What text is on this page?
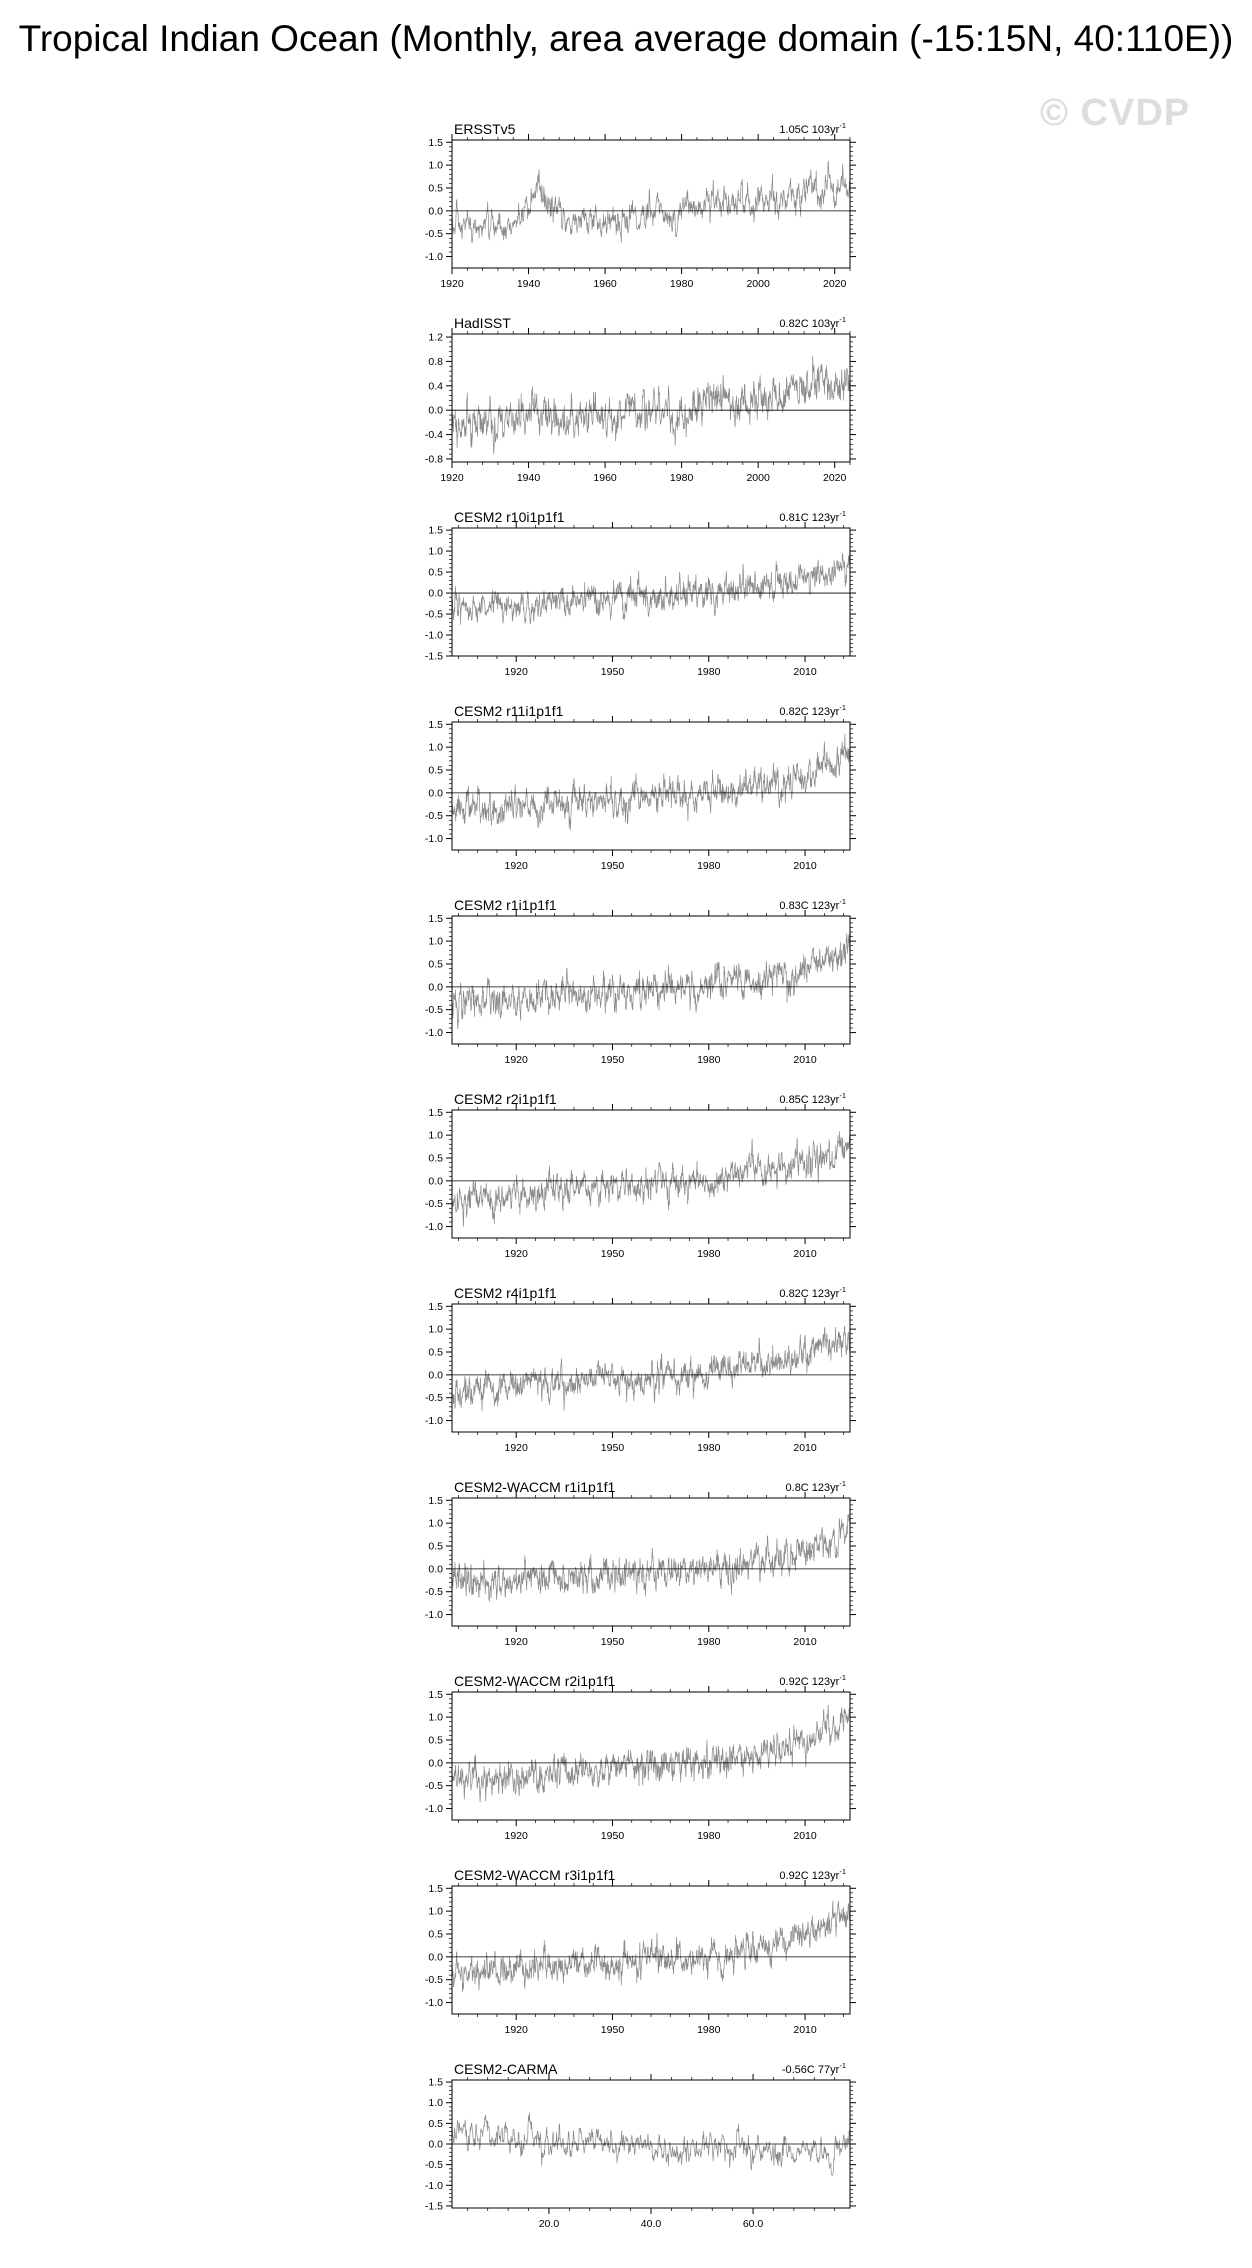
Tropical Indian Ocean (Monthly, area average domain (-15:15N, 40:110E))
© CVDP
ERSSTv5	1.05C $103yr^{-1}$
-1.0
-0.5
0.0
0.5
1.0
1.5
1920	1940	1960	1980	2000	2020
HadISST	0.82C $103yr^{-1}$
-0.8
-0.4
0.0
0.4
0.8
1.2
1920	1940	1960	1980	2000	2020
CESM2 r10i1p1f1	0.81C $123yr^{-1}$
-1.5
-1.0
-0.5
0.0
0.5
1.0
1.5
1920	1950	1980	2010
CESM2 r11i1p1f1	0.82C $123yr^{-1}$
-1.0
-0.5
0.0
0.5
1.0
1.5
1920	1950	1980	2010
CESM2 r1i1p1f1	0.83C $123yr^{-1}$
-1.0
-0.5
0.0
0.5
1.0
1.5
1920	1950	1980	2010
CESM2 r2i1p1f1	0.85C $123yr^{-1}$
-1.0
-0.5
0.0
0.5
1.0
1.5
1920	1950	1980	2010
CESM2 r4i1p1f1	0.82C $123yr^{-1}$
-1.0
-0.5
0.0
0.5
1.0
1.5
1920	1950	1980	2010
CESM2-WACCM r1i1p1f1	0.8C $123yr^{-1}$
-1.0
-0.5
0.0
0.5
1.0
1.5
1920	1950	1980	2010
CESM2-WACCM r2i1p1f1	0.92C $123yr^{-1}$
-1.0
-0.5
0.0
0.5
1.0
1.5
1920	1950	1980	2010
CESM2-WACCM r3i1p1f1	0.92C $123yr^{-1}$
-1.0
-0.5
0.0
0.5
1.0
1.5
1920	1950	1980	2010
CESM2-CARMA	-0.56C $77yr^{-1}$
-1.5
-1.0
-0.5
0.0
0.5
1.0
1.5
20.0	40.0	60.0
